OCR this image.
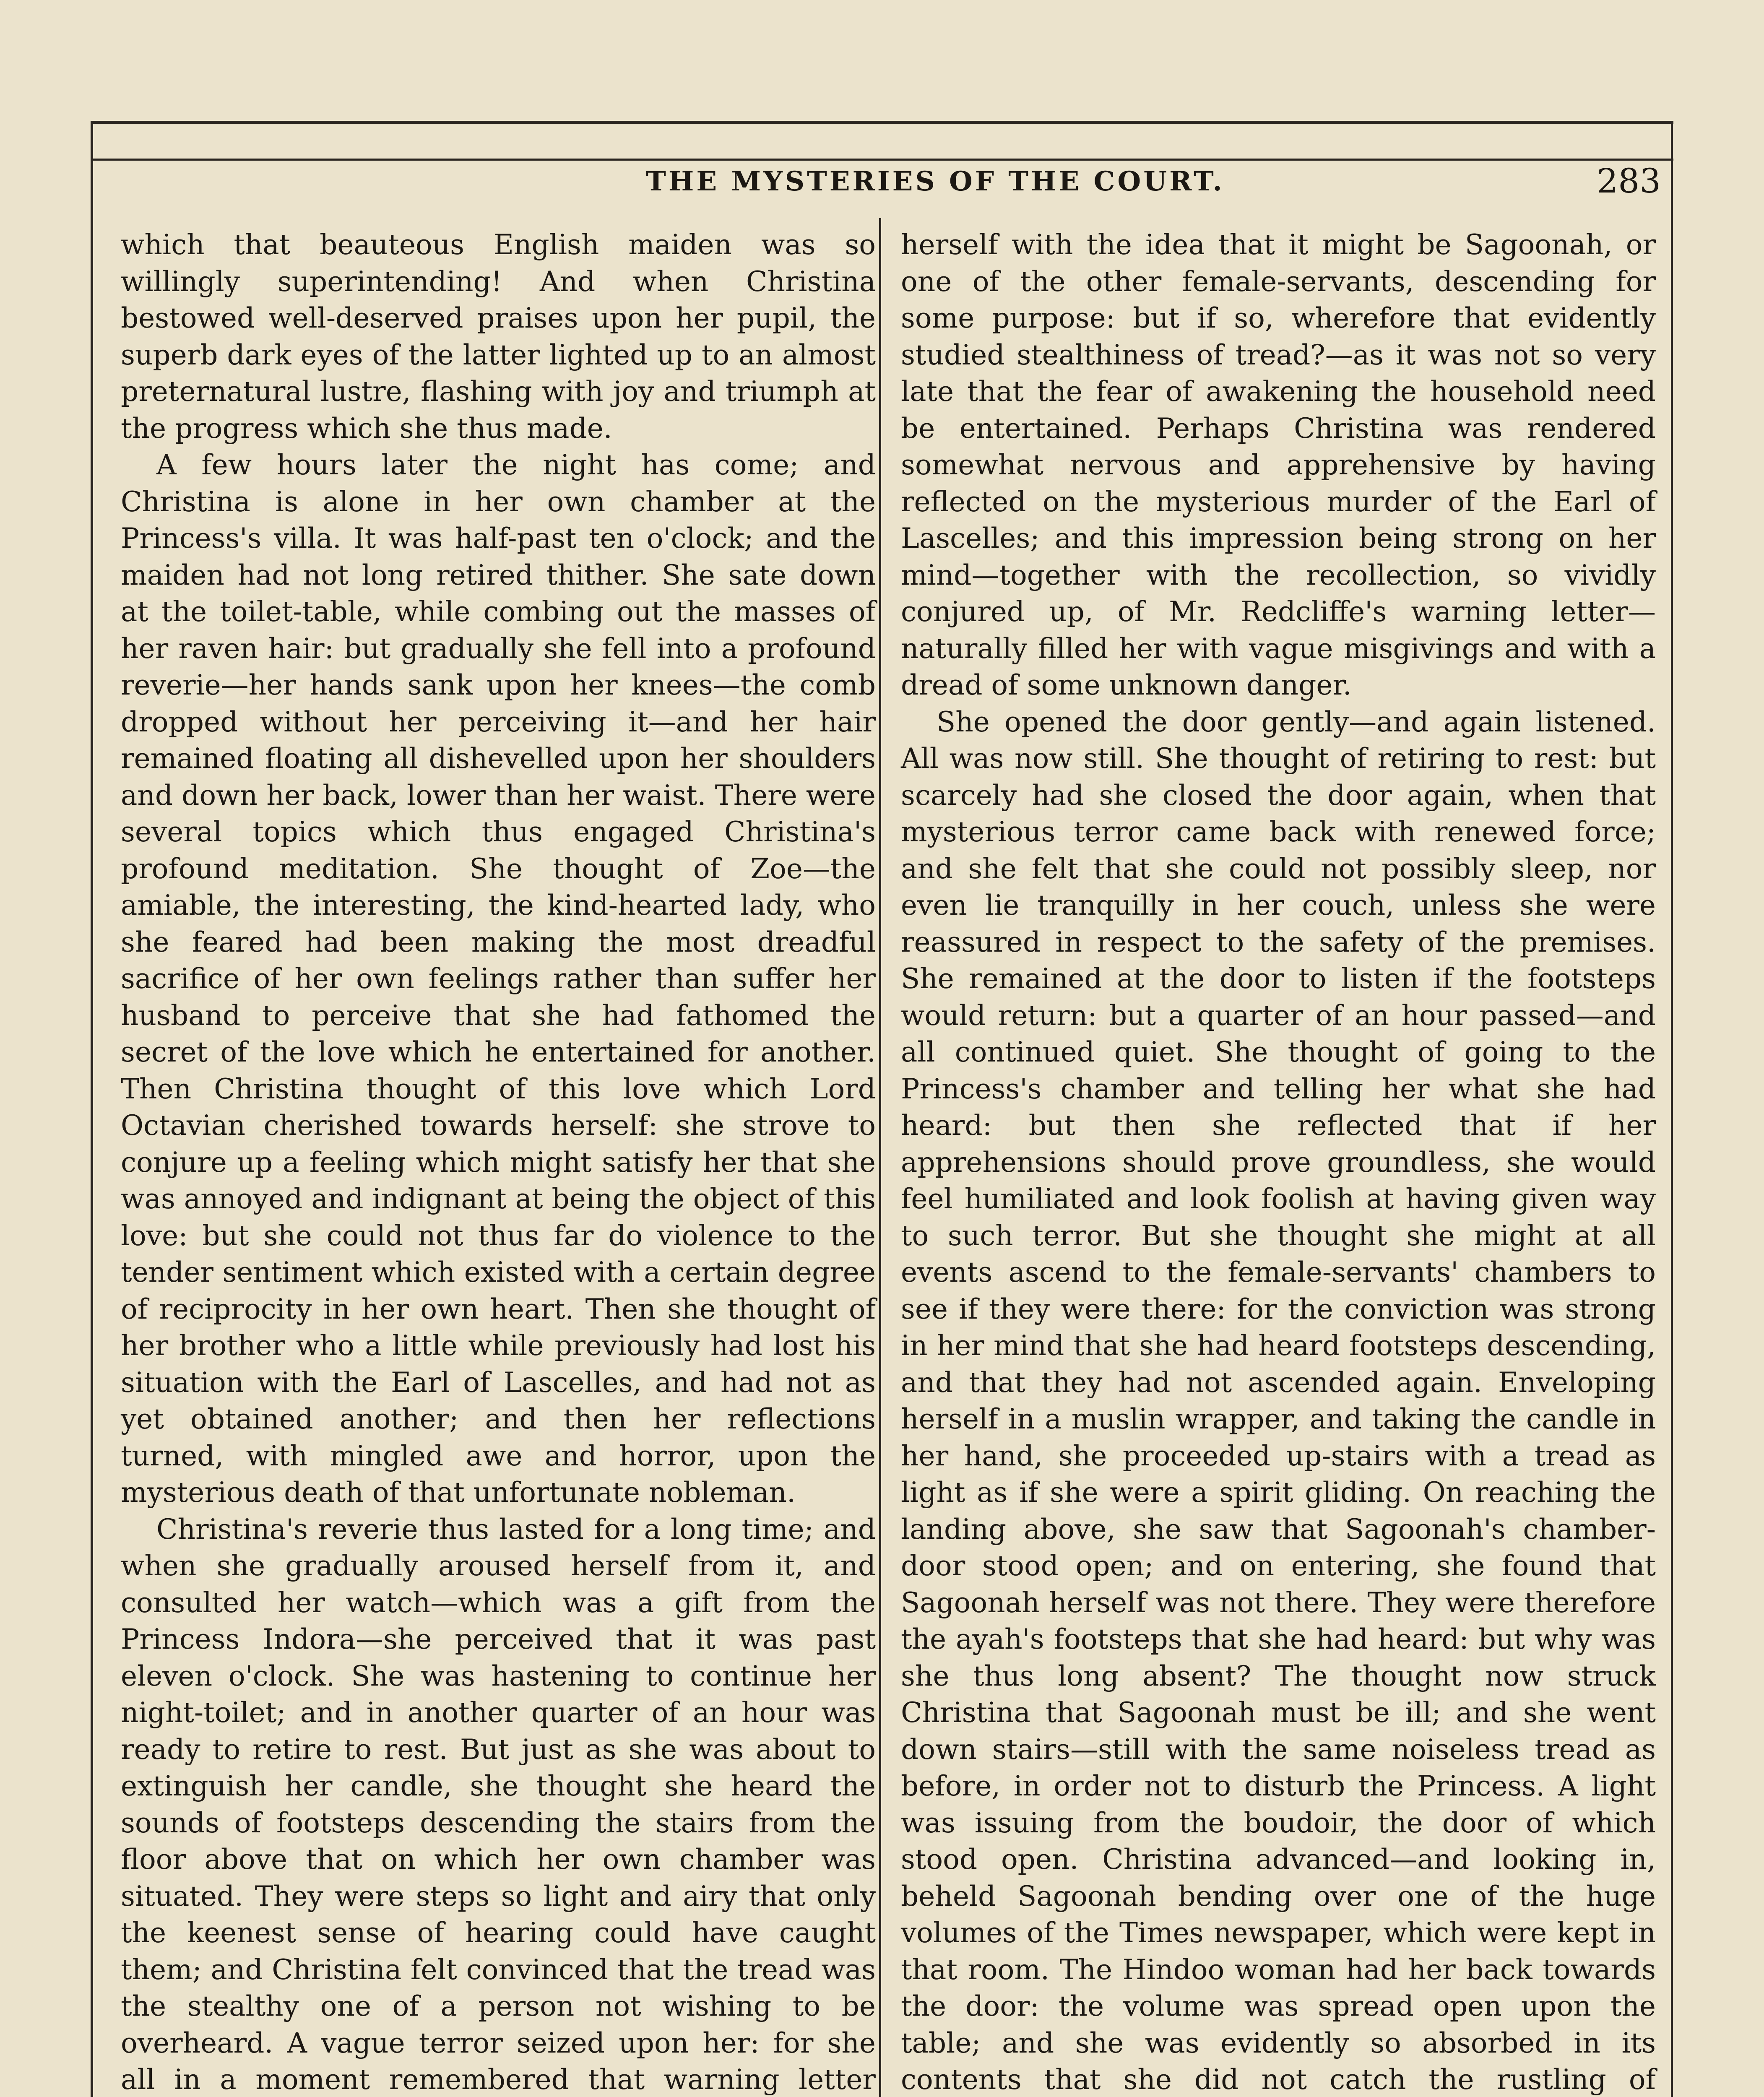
THE MYSTERIES OF THE COURT.	283

which that beauteous English maiden was so willingly superintending! And when Christina bestowed well-deserved praises upon her pupil, the superb dark eyes of the latter lighted up to an almost preternatural lustre, flashing with joy and triumph at the progress which she thus made.

A few hours later the night has come; and Christina is alone in her own chamber at the Princess's villa. It was half-past ten o'clock; and the maiden had not long retired thither. She sate down at the toilet-table, while combing out the masses of her raven hair: but gradually she fell into a profound reverie—her hands sank upon her knees—the comb dropped without her perceiving it—and her hair remained floating all dishevelled upon her shoulders and down her back, lower than her waist. There were several topics which thus engaged Christina's profound meditation. She thought of Zoe—the amiable, the interesting, the kind-hearted lady, who she feared had been making the most dreadful sacrifice of her own feelings rather than suffer her husband to perceive that she had fathomed the secret of the love which he entertained for another. Then Christina thought of this love which Lord Octavian cherished towards herself: she strove to conjure up a feeling which might satisfy her that she was annoyed and indignant at being the object of this love: but she could not thus far do violence to the tender sentiment which existed with a certain degree of reciprocity in her own heart. Then she thought of her brother who a little while previously had lost his situation with the Earl of Lascelles, and had not as yet obtained another; and then her reflections turned, with mingled awe and horror, upon the mysterious death of that unfortunate nobleman.

Christina's reverie thus lasted for a long time; and when she gradually aroused herself from it, and consulted her watch—which was a gift from the Princess Indora—she perceived that it was past eleven o'clock. She was hastening to continue her night-toilet; and in another quarter of an hour was ready to retire to rest. But just as she was about to extinguish her candle, she thought she heard the sounds of footsteps descending the stairs from the floor above that on which her own chamber was situated. They were steps so light and airy that only the keenest sense of hearing could have caught them; and Christina felt convinced that the tread was the stealthy one of a person not wishing to be overheard. A vague terror seized upon her: for she all in a moment remembered that warning letter

herself with the idea that it might be Sagoonah, or one of the other female-servants, descending for some purpose: but if so, wherefore that evidently studied stealthiness of tread?—as it was not so very late that the fear of awakening the household need be entertained. Perhaps Christina was rendered somewhat nervous and apprehensive by having reflected on the mysterious murder of the Earl of Lascelles; and this impression being strong on her mind—together with the recollection, so vividly conjured up, of Mr. Redcliffe's warning letter—naturally filled her with vague misgivings and with a dread of some unknown danger.

She opened the door gently—and again listened. All was now still. She thought of retiring to rest: but scarcely had she closed the door again, when that mysterious terror came back with renewed force; and she felt that she could not possibly sleep, nor even lie tranquilly in her couch, unless she were reassured in respect to the safety of the premises. She remained at the door to listen if the footsteps would return: but a quarter of an hour passed—and all continued quiet. She thought of going to the Princess's chamber and telling her what she had heard: but then she reflected that if her apprehensions should prove groundless, she would feel humiliated and look foolish at having given way to such terror. But she thought she might at all events ascend to the female-servants' chambers to see if they were there: for the conviction was strong in her mind that she had heard footsteps descending, and that they had not ascended again. Enveloping herself in a muslin wrapper, and taking the candle in her hand, she proceeded up-stairs with a tread as light as if she were a spirit gliding. On reaching the landing above, she saw that Sagoonah's chamber-door stood open; and on entering, she found that Sagoonah herself was not there. They were therefore the ayah's footsteps that she had heard: but why was she thus long absent? The thought now struck Christina that Sagoonah must be ill; and she went down stairs—still with the same noiseless tread as before, in order not to disturb the Princess. A light was issuing from the boudoir, the door of which stood open. Christina advanced—and looking in, beheld Sagoonah bending over one of the huge volumes of the Times newspaper, which were kept in that room. The Hindoo woman had her back towards the door: the volume was spread open upon the table; and she was evidently so absorbed in its contents that she did not catch the rustling of
